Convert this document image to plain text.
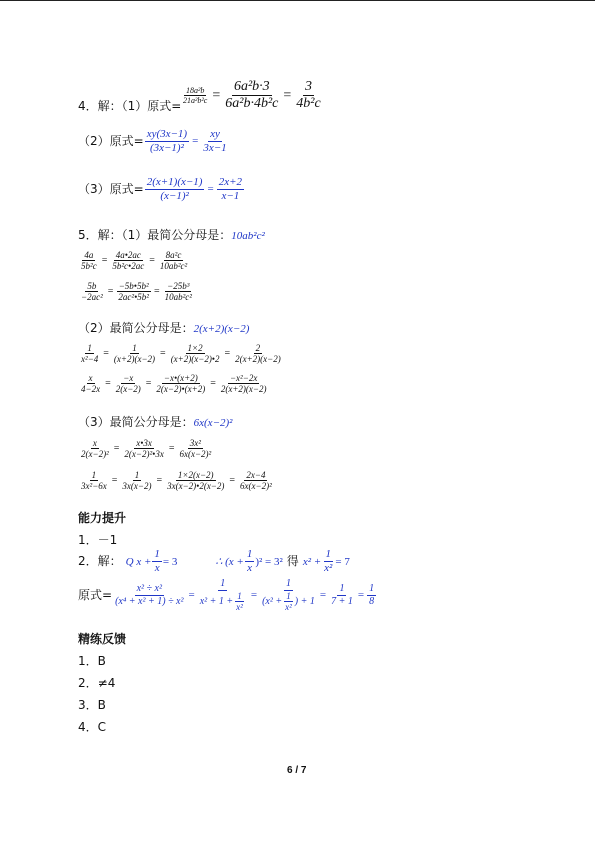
4．解：（1）原式=
$\frac{\text{18a²b}}{\text{21a²b²c}} = \frac{\text{6a²b·3}}{\text{6a²b·4b²c}} = \frac{3}{\text{4b²c}}$
（2）原式= $\frac{xy(3x-1)}{\text{(3x−1)²}} = \frac{xy}{3x-1}$
（3）原式= $\frac{2(x+1)(x-1)}{\text{(x−1)²}} = \frac{2x+2}{x-1}$
5．解：（1）最简公分母是：10ab²c²
$\frac{4a}{\text{5b²c}} = \frac{4a•2ac}{\text{5b²c•2ac}} = \frac{\text{8a²c}}{\text{10ab²c²}}$
$\frac{5b}{\text{−2ac²}} = \frac{\text{−5b•5b²}}{\text{2ac²•5b²}} = \frac{\text{−25b³}}{\text{10ab²c²}}$
（2）最简公分母是：2(x+2)(x−2)
$\frac{1}{\text{x²−4}} = \frac{1}{(x+2)(x-2)} = \frac{1\times 2}{(x+2)(x-2)•2} = \frac{2}{2(x+2)(x-2)}$
$\frac{x}{4-2x} = \frac{-x}{2(x-2)} = \frac{-x•(x+2)}{2(x-2)•(x+2)} = \frac{\text{−x²−2x}}{2(x+2)(x-2)}$
（3）最简公分母是：6x(x−2)²
$\frac{x}{\text{2(x−2)²}} = \frac{x•3x}{\text{2(x−2)²•3x}} = \frac{\text{3x²}}{\text{6x(x−2)²}}$
$\frac{1}{\text{3x²−6x}} = \frac{1}{3x(x-2)} = \frac{1\times 2(x-2)}{3x(x-2)•2(x-2)} = \frac{2x-4}{\text{6x(x−2)²}}$
能力提升
1．－1
2．解： Q $x + \frac{1}{x} = 3$	∴ $(x + \frac{1}{x} )^2 = 3^2$ 得 $x^2 + \frac{1}{\text{x²}} = 7$
原式= $\frac{\text{x² ÷ x²}}{\text{(x⁴ + x² + 1) ÷ x²}} = \frac{1}{x^2 + 1 + \frac{1}{\text{x²}}} = \frac{1}{(x^2 + \frac{1}{\text{x²}} ) + 1} = \frac{1}{7 + 1} = \frac{1}{8}$
精练反馈
1．B
2．≠4
3．B
4．C
6 / 7
